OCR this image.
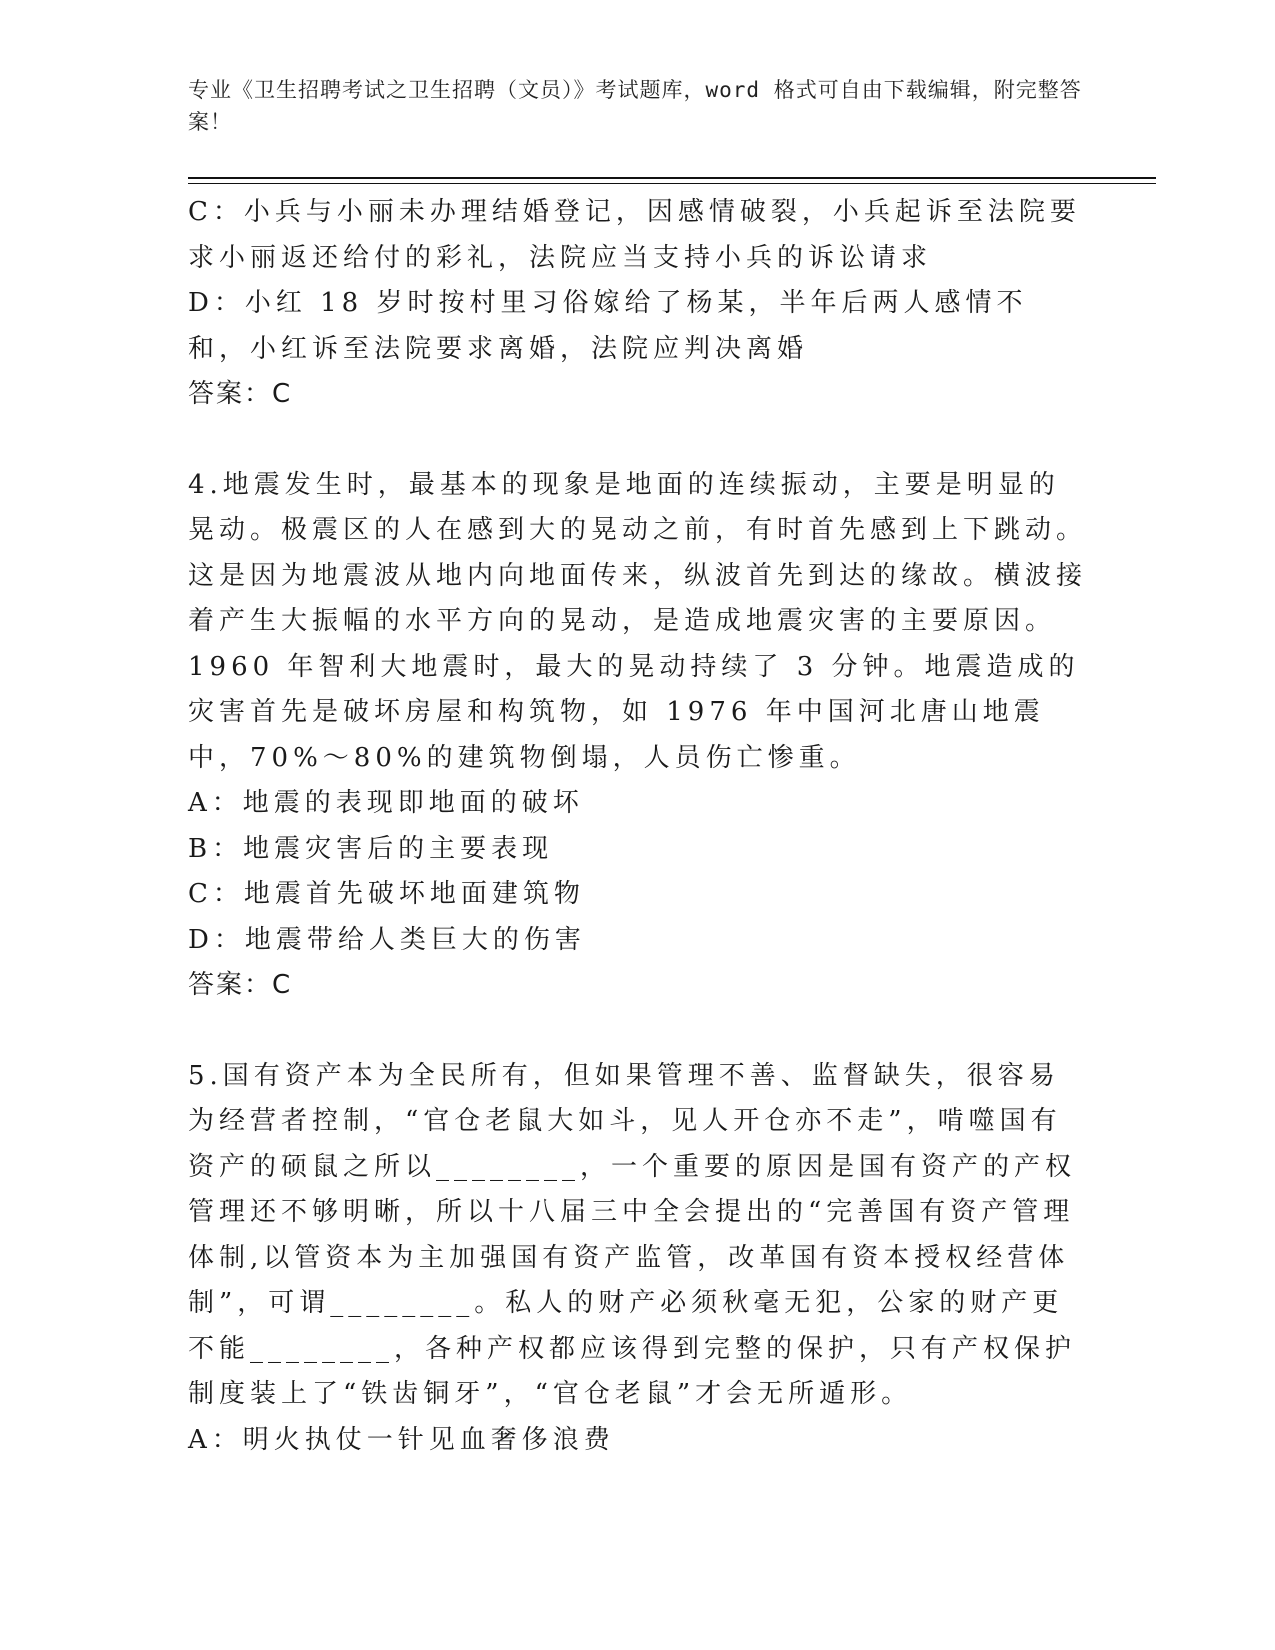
专业《卫生招聘考试之卫生招聘（文员）》考试题库，word 格式可自由下载编辑，附完整答案！

C：小兵与小丽未办理结婚登记，因感情破裂，小兵起诉至法院要求小丽返还给付的彩礼，法院应当支持小兵的诉讼请求

D：小红 18 岁时按村里习俗嫁给了杨某，半年后两人感情不和，小红诉至法院要求离婚，法院应判决离婚

答案：C

4.地震发生时，最基本的现象是地面的连续振动，主要是明显的晃动。极震区的人在感到大的晃动之前，有时首先感到上下跳动。这是因为地震波从地内向地面传来，纵波首先到达的缘故。横波接着产生大振幅的水平方向的晃动，是造成地震灾害的主要原因。1960 年智利大地震时，最大的晃动持续了 3 分钟。地震造成的灾害首先是破坏房屋和构筑物，如 1976 年中国河北唐山地震中，70%～80%的建筑物倒塌，人员伤亡惨重。

A：地震的表现即地面的破坏

B：地震灾害后的主要表现

C：地震首先破坏地面建筑物

D：地震带给人类巨大的伤害

答案：C

5.国有资产本为全民所有，但如果管理不善、监督缺失，很容易为经营者控制，“官仓老鼠大如斗，见人开仓亦不走”，啃噬国有资产的硕鼠之所以________，一个重要的原因是国有资产的产权管理还不够明晰，所以十八届三中全会提出的“完善国有资产管理体制,以管资本为主加强国有资产监管，改革国有资本授权经营体制”，可谓________。私人的财产必须秋毫无犯，公家的财产更不能________，各种产权都应该得到完整的保护，只有产权保护制度装上了“铁齿铜牙”，“官仓老鼠”才会无所遁形。

A：明火执仗一针见血奢侈浪费
